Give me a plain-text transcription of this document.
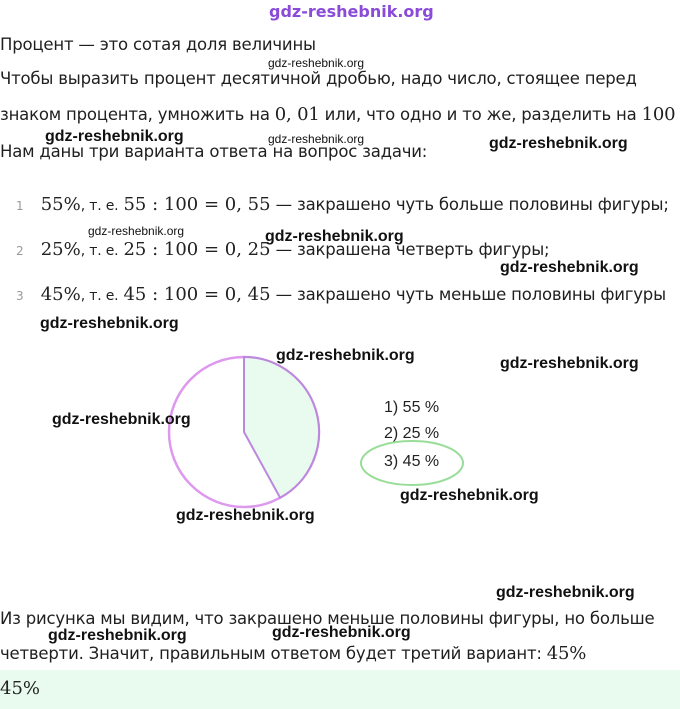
gdz-reshebnik.org
Процент — это сотая доля величины
gdz-reshebnik.org
Чтобы выразить процент десятичной дробью, надо число, стоящее перед
знаком процента, умножить на 0, 01 или, что одно и то же, разделить на 100
gdz-reshebnik.org	gdz-reshebnik.org	gdz-reshebnik.org
Нам даны три варианта ответа на вопрос задачи:
1 55%, т. е. 55 : 100 = 0, 55 — закрашено чуть больше половины фигуры;
gdz-reshebnik.org	gdz-reshebnik.org
2 25%, т. е. 25 : 100 = 0, 25 — закрашена четверть фигуры;
gdz-reshebnik.org
3 45%, т. е. 45 : 100 = 0, 45 — закрашено чуть меньше половины фигуры
gdz-reshebnik.org
gdz-reshebnik.org	gdz-reshebnik.org
gdz-reshebnik.org
1) 55 %
2) 25 %
3) 45 %
gdz-reshebnik.org
gdz-reshebnik.org
gdz-reshebnik.org
Из рисунка мы видим, что закрашено меньше половины фигуры, но больше
gdz-reshebnik.org	gdz-reshebnik.org
четверти. Значит, правильным ответом будет третий вариант: 45%
45%
